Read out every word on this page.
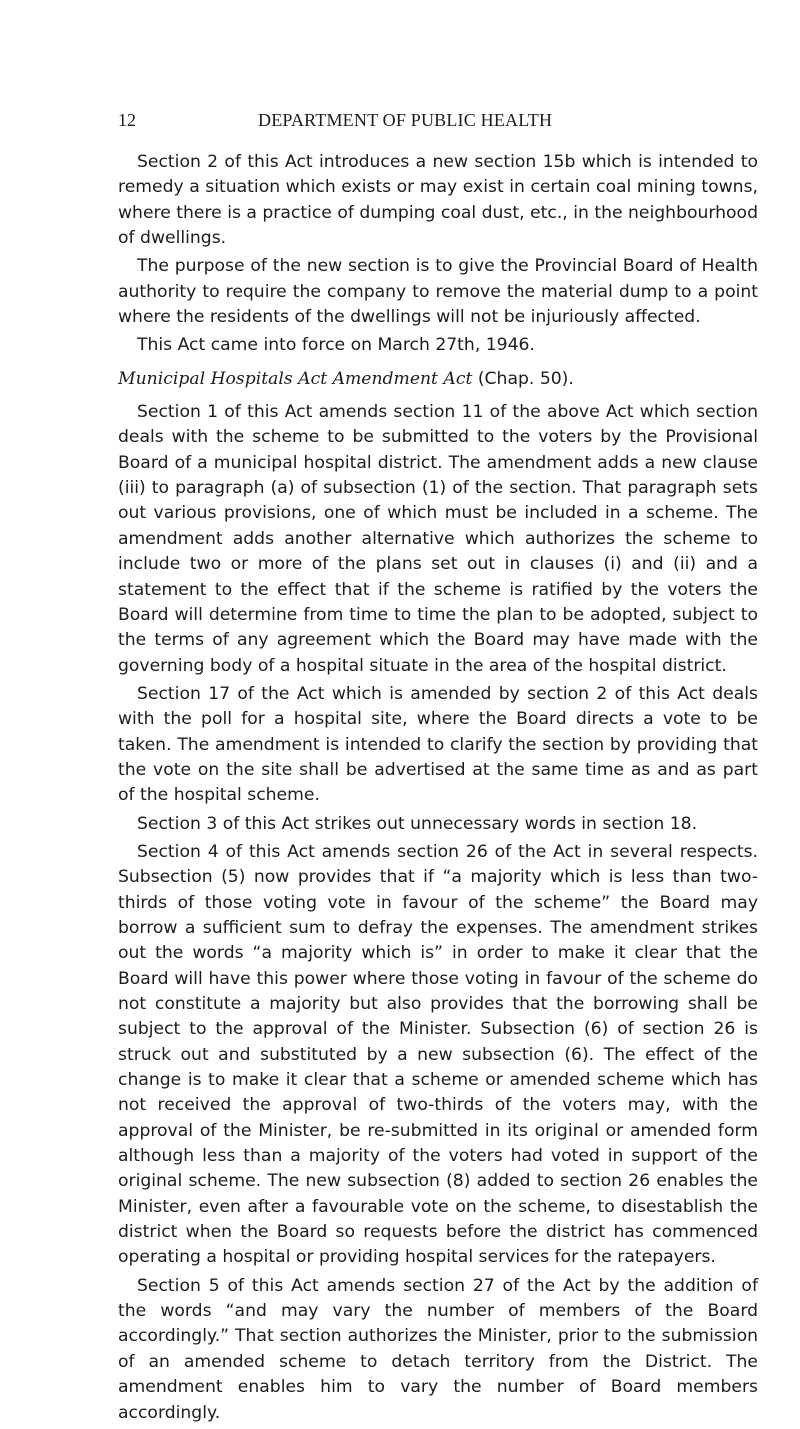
12	DEPARTMENT OF PUBLIC HEALTH

Section 2 of this Act introduces a new section 15b which is intended to remedy a situation which exists or may exist in certain coal mining towns, where there is a practice of dumping coal dust, etc., in the neighbourhood of dwellings.

The purpose of the new section is to give the Provincial Board of Health authority to require the company to remove the material dump to a point where the residents of the dwellings will not be injuriously affected.

This Act came into force on March 27th, 1946.

Municipal Hospitals Act Amendment Act (Chap. 50).

Section 1 of this Act amends section 11 of the above Act which section deals with the scheme to be submitted to the voters by the Provisional Board of a municipal hospital district. The amendment adds a new clause (iii) to paragraph (a) of subsection (1) of the section. That paragraph sets out various provisions, one of which must be included in a scheme. The amendment adds another alternative which authorizes the scheme to include two or more of the plans set out in clauses (i) and (ii) and a statement to the effect that if the scheme is ratified by the voters the Board will determine from time to time the plan to be adopted, subject to the terms of any agreement which the Board may have made with the governing body of a hospital situate in the area of the hospital district.

Section 17 of the Act which is amended by section 2 of this Act deals with the poll for a hospital site, where the Board directs a vote to be taken. The amendment is intended to clarify the section by providing that the vote on the site shall be advertised at the same time as and as part of the hospital scheme.

Section 3 of this Act strikes out unnecessary words in section 18.

Section 4 of this Act amends section 26 of the Act in several respects. Subsection (5) now provides that if “a majority which is less than two-thirds of those voting vote in favour of the scheme” the Board may borrow a sufficient sum to defray the expenses. The amendment strikes out the words “a majority which is” in order to make it clear that the Board will have this power where those voting in favour of the scheme do not constitute a majority but also provides that the borrowing shall be subject to the approval of the Minister. Subsection (6) of section 26 is struck out and substituted by a new subsection (6). The effect of the change is to make it clear that a scheme or amended scheme which has not received the approval of two-thirds of the voters may, with the approval of the Minister, be re-submitted in its original or amended form although less than a majority of the voters had voted in support of the original scheme. The new subsection (8) added to section 26 enables the Minister, even after a favourable vote on the scheme, to disestablish the district when the Board so requests before the district has commenced operating a hospital or providing hospital services for the ratepayers.

Section 5 of this Act amends section 27 of the Act by the addition of the words “and may vary the number of members of the Board accordingly.” That section authorizes the Minister, prior to the submission of an amended scheme to detach territory from the District. The amendment enables him to vary the number of Board members accordingly.
